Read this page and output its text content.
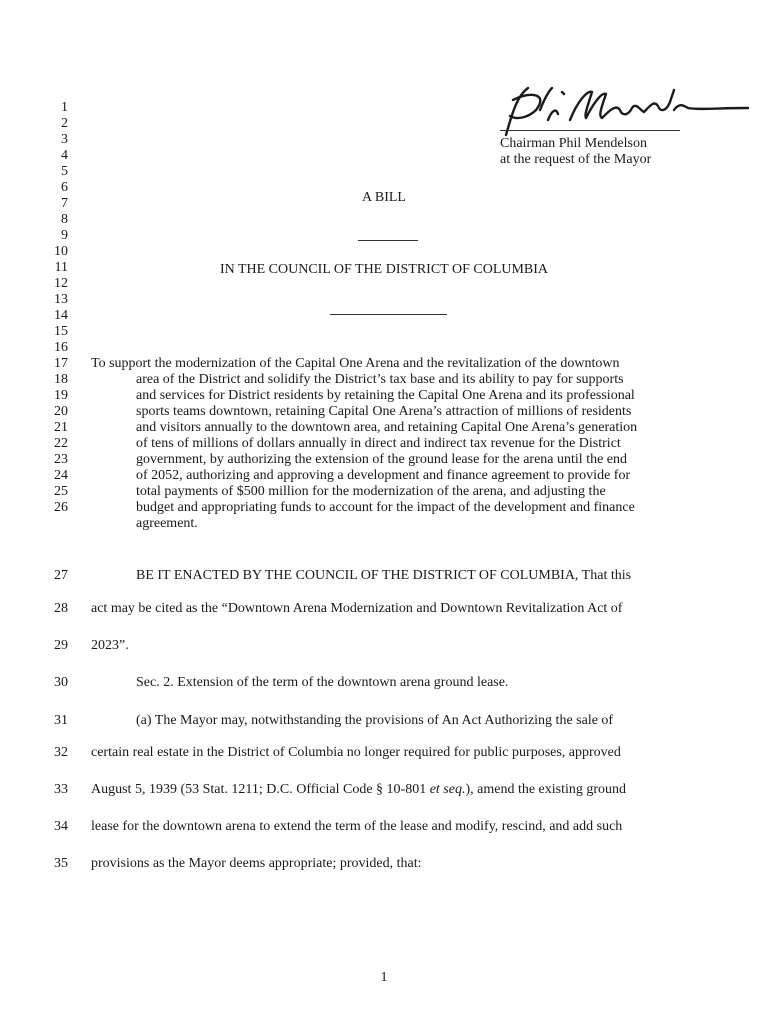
1
2
3
4
5
6
7
8
9
10
11
12
13
14
15
16
17
18
19
20
21
22
23
24
25
26
27
28
29
30
31
32
33
34
35
Chairman Phil Mendelson
at the request of the Mayor
A BILL
IN THE COUNCIL OF THE DISTRICT OF COLUMBIA
To support the modernization of the Capital One Arena and the revitalization of the downtown
area of the District and solidify the District’s tax base and its ability to pay for supports
and services for District residents by retaining the Capital One Arena and its professional
sports teams downtown, retaining Capital One Arena’s attraction of millions of residents
and visitors annually to the downtown area, and retaining Capital One Arena’s generation
of tens of millions of dollars annually in direct and indirect tax revenue for the District
government, by authorizing the extension of the ground lease for the arena until the end
of 2052, authorizing and approving a development and finance agreement to provide for
total payments of $500 million for the modernization of the arena, and adjusting the
budget and appropriating funds to account for the impact of the development and finance
agreement.
BE IT ENACTED BY THE COUNCIL OF THE DISTRICT OF COLUMBIA, That this
act may be cited as the “Downtown Arena Modernization and Downtown Revitalization Act of
2023”.
Sec. 2. Extension of the term of the downtown arena ground lease.
(a) The Mayor may, notwithstanding the provisions of An Act Authorizing the sale of
certain real estate in the District of Columbia no longer required for public purposes, approved
August 5, 1939 (53 Stat. 1211; D.C. Official Code § 10-801 et seq.), amend the existing ground
lease for the downtown arena to extend the term of the lease and modify, rescind, and add such
provisions as the Mayor deems appropriate; provided, that:
1
